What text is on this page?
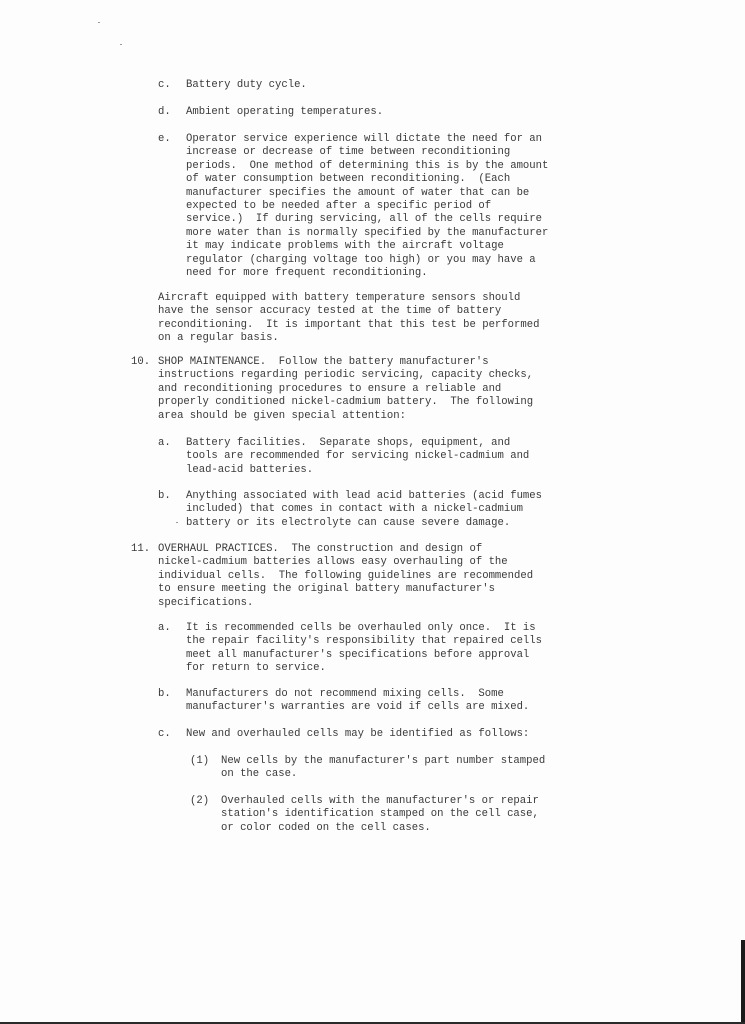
c. Battery duty cycle.
d. Ambient operating temperatures.
e. Operator service experience will dictate the need for an
increase or decrease of time between reconditioning
periods.  One method of determining this is by the amount
of water consumption between reconditioning.  (Each
manufacturer specifies the amount of water that can be
expected to be needed after a specific period of
service.)  If during servicing, all of the cells require
more water than is normally specified by the manufacturer
it may indicate problems with the aircraft voltage
regulator (charging voltage too high) or you may have a
need for more frequent reconditioning.
Aircraft equipped with battery temperature sensors should
have the sensor accuracy tested at the time of battery
reconditioning.  It is important that this test be performed
on a regular basis.
10. SHOP MAINTENANCE.  Follow the battery manufacturer's
instructions regarding periodic servicing, capacity checks,
and reconditioning procedures to ensure a reliable and
properly conditioned nickel-cadmium battery.  The following
area should be given special attention:
a. Battery facilities.  Separate shops, equipment, and
tools are recommended for servicing nickel-cadmium and
lead-acid batteries.
b. Anything associated with lead acid batteries (acid fumes
included) that comes in contact with a nickel-cadmium
battery or its electrolyte can cause severe damage.
11. OVERHAUL PRACTICES.  The construction and design of
nickel-cadmium batteries allows easy overhauling of the
individual cells.  The following guidelines are recommended
to ensure meeting the original battery manufacturer's
specifications.
a. It is recommended cells be overhauled only once.  It is
the repair facility's responsibility that repaired cells
meet all manufacturer's specifications before approval
for return to service.
b. Manufacturers do not recommend mixing cells.  Some
manufacturer's warranties are void if cells are mixed.
c. New and overhauled cells may be identified as follows:
(1) New cells by the manufacturer's part number stamped
on the case.
(2) Overhauled cells with the manufacturer's or repair
station's identification stamped on the cell case,
or color coded on the cell cases.
